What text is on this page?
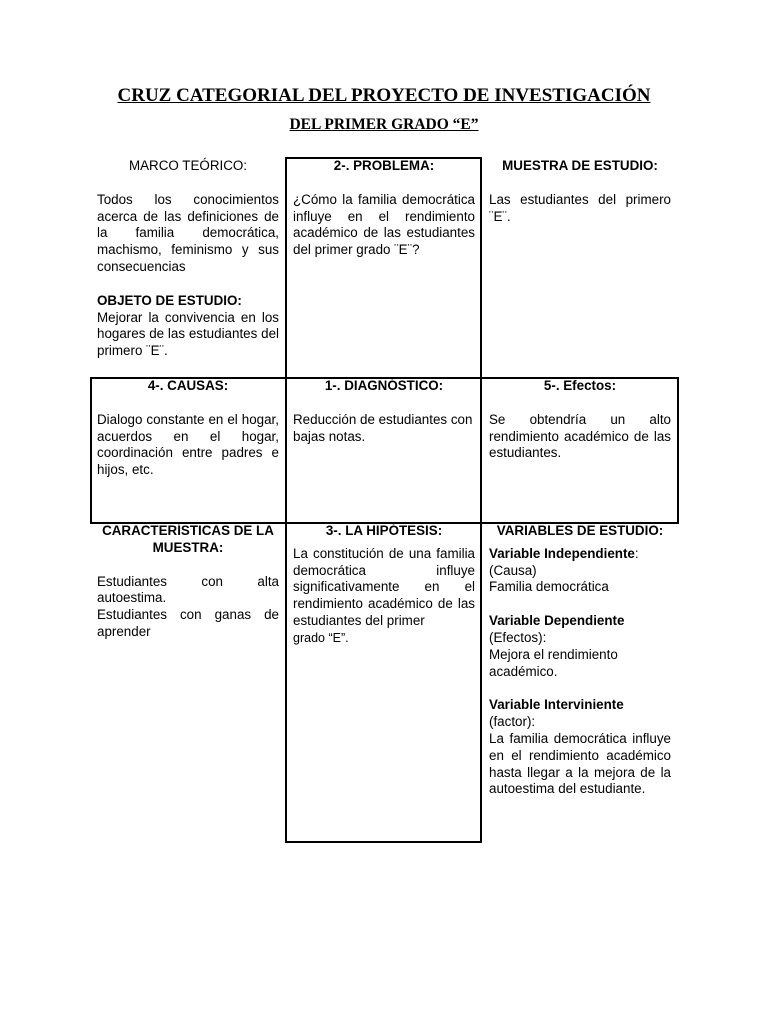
CRUZ CATEGORIAL DEL PROYECTO DE INVESTIGACIÓN
DEL PRIMER GRADO “E”
MARCO TEÓRICO:
Todos los conocimientos acerca de las definiciones de la familia democrática, machismo, feminismo y sus consecuencias
OBJETO DE ESTUDIO:
Mejorar la convivencia en los hogares de las estudiantes del primero ¨E¨.
2-. PROBLEMA:
¿Cómo la familia democrática influye en el rendimiento académico de las estudiantes del primer grado ¨E¨?
MUESTRA DE ESTUDIO:
Las estudiantes del primero ¨E¨.
4-. CAUSAS:
Dialogo constante en el hogar, acuerdos en el hogar, coordinación entre padres e hijos, etc.
1-. DIAGNÓSTICO:
Reducción de estudiantes con bajas notas.
5-. Efectos:
Se obtendría un alto rendimiento académico de las estudiantes.
CARACTERÍSTICAS DE LA MUESTRA:
Estudiantes con alta autoestima.
Estudiantes con ganas de aprender
3-. LA HIPÓTESIS:
La constitución de una familia democrática influye significativamente en el rendimiento académico de las estudiantes del primer
grado “E”.
VARIABLES DE ESTUDIO:
Variable Independiente:
(Causa)
Familia democrática
Variable Dependiente
(Efectos):
Mejora el rendimiento académico.
Variable Interviniente
(factor):
La familia democrática influye en el rendimiento académico hasta llegar a la mejora de la autoestima del estudiante.
